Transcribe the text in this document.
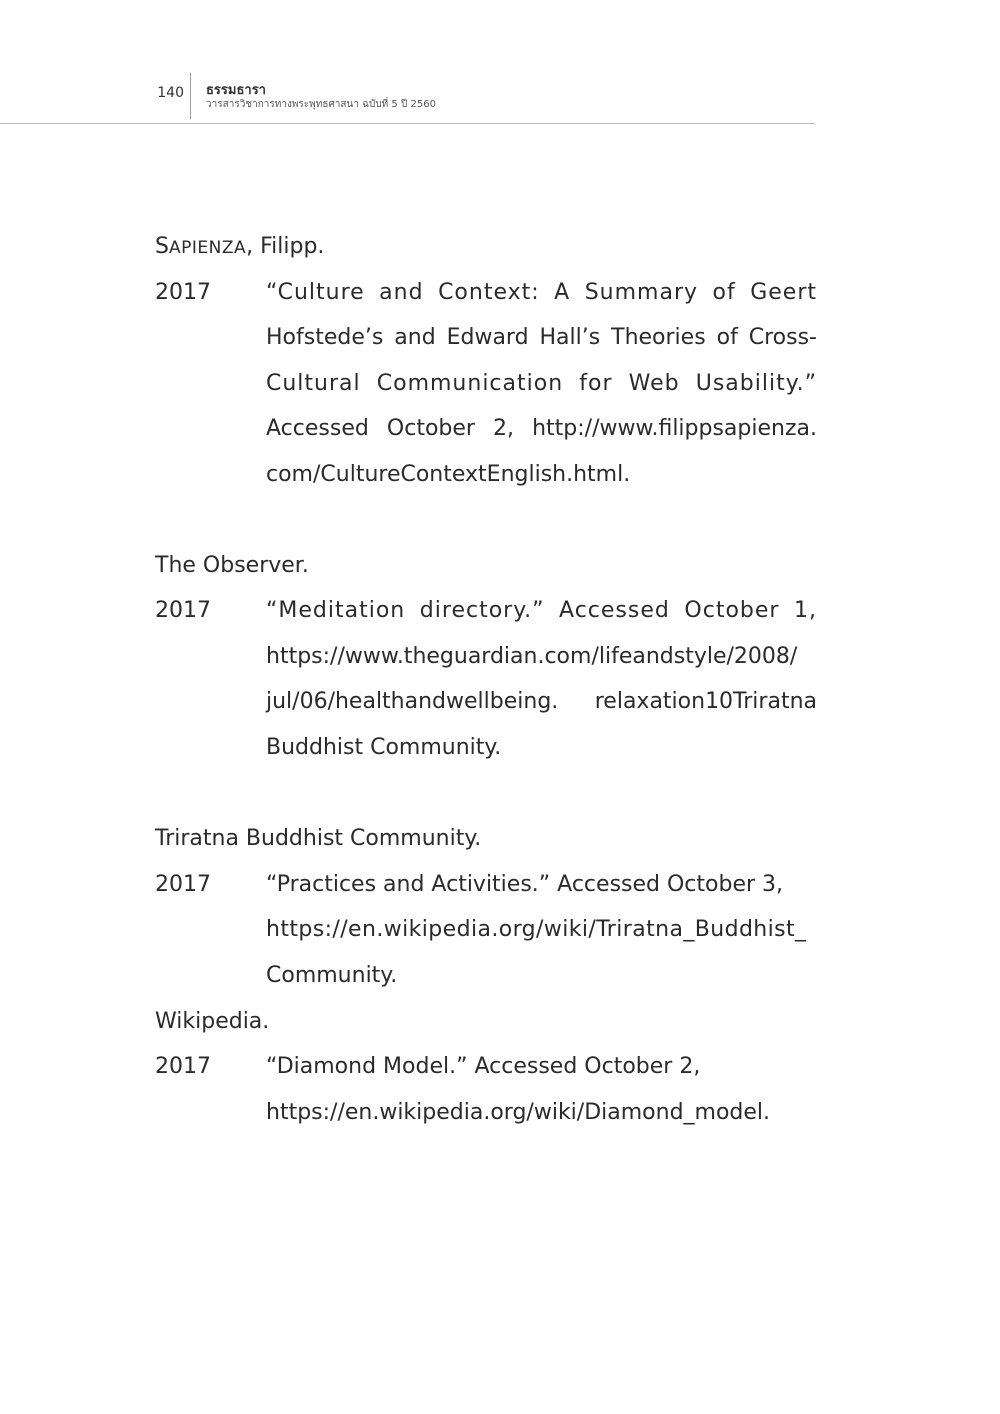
140 ธรรมธารา
วารสารวิชาการทางพระพุทธศาสนา ฉบับที่ 5 ปี 2560
SAPIENZA, Filipp.
2017	“Culture and Context: A Summary of Geert
Hofstede’s and Edward Hall’s Theories of Cross-
Cultural Communication for Web Usability.”
Accessed October 2, http://www.filippsapienza.
com/CultureContextEnglish.html.
The Observer.
2017	“Meditation directory.” Accessed October 1,
https://www.theguardian.com/lifeandstyle/2008/
jul/06/healthandwellbeing. relaxation10Triratna
Buddhist Community.
Triratna Buddhist Community.
2017	“Practices and Activities.” Accessed October 3,
https://en.wikipedia.org/wiki/Triratna_Buddhist_
Community.
Wikipedia.
2017	“Diamond Model.” Accessed October 2,
https://en.wikipedia.org/wiki/Diamond_model.
